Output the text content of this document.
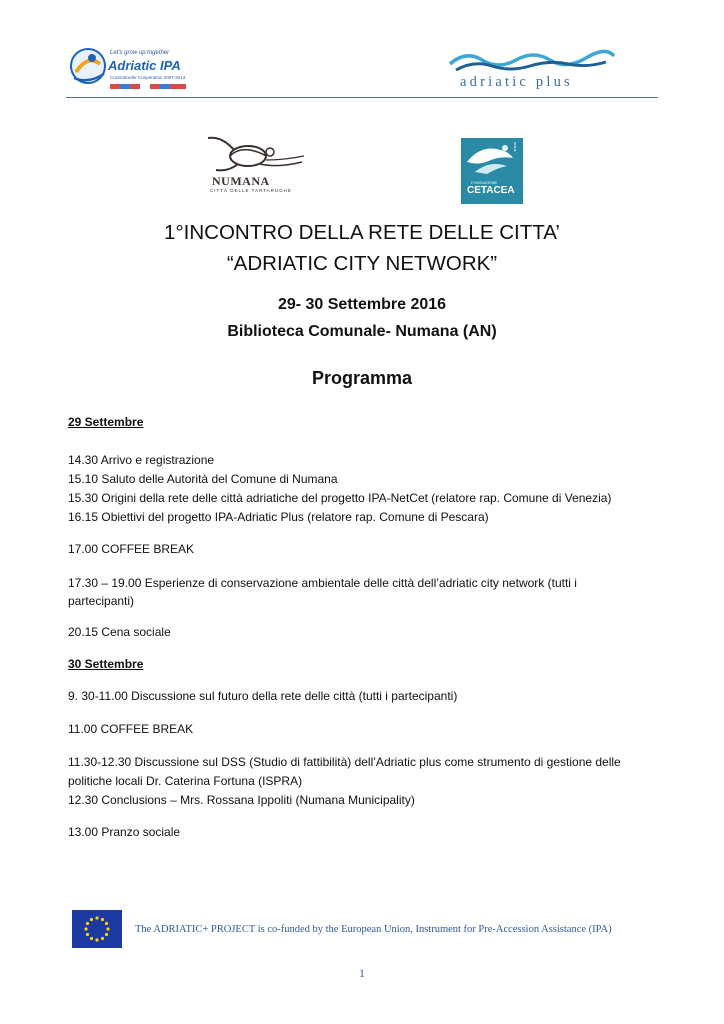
Let's grow up together
Adriatic IPA
Cross-Border Cooperation 2007-2013	adriatic plus
NUMANA
CITTÀ DELLE TARTARUGHE
FONDAZIONE
CETACEA
onlus
1°INCONTRO DELLA RETE DELLE CITTA’
“ADRIATIC CITY NETWORK”
29- 30 Settembre 2016
Biblioteca Comunale- Numana (AN)
Programma
29 Settembre
14.30 Arrivo e registrazione
15.10 Saluto delle Autorità del Comune di Numana
15.30 Origini della rete delle città adriatiche del progetto IPA-NetCet (relatore rap. Comune di Venezia)
16.15 Obiettivi del progetto IPA-Adriatic Plus (relatore rap. Comune di Pescara)
17.00 COFFEE BREAK
17.30 – 19.00 Esperienze di conservazione ambientale delle città dell’adriatic city network (tutti i
partecipanti)
20.15 Cena sociale
30 Settembre
9. 30-11.00 Discussione sul futuro della rete delle città (tutti i partecipanti)
11.00 COFFEE BREAK
11.30-12.30 Discussione sul DSS (Studio di fattibilità) dell’Adriatic plus come strumento di gestione delle
politiche locali Dr. Caterina Fortuna (ISPRA)
12.30 Conclusions – Mrs. Rossana Ippoliti (Numana Municipality)
13.00 Pranzo sociale
The ADRIATIC+ PROJECT is co-funded by the European Union, Instrument for Pre-Accession Assistance (IPA)
1
